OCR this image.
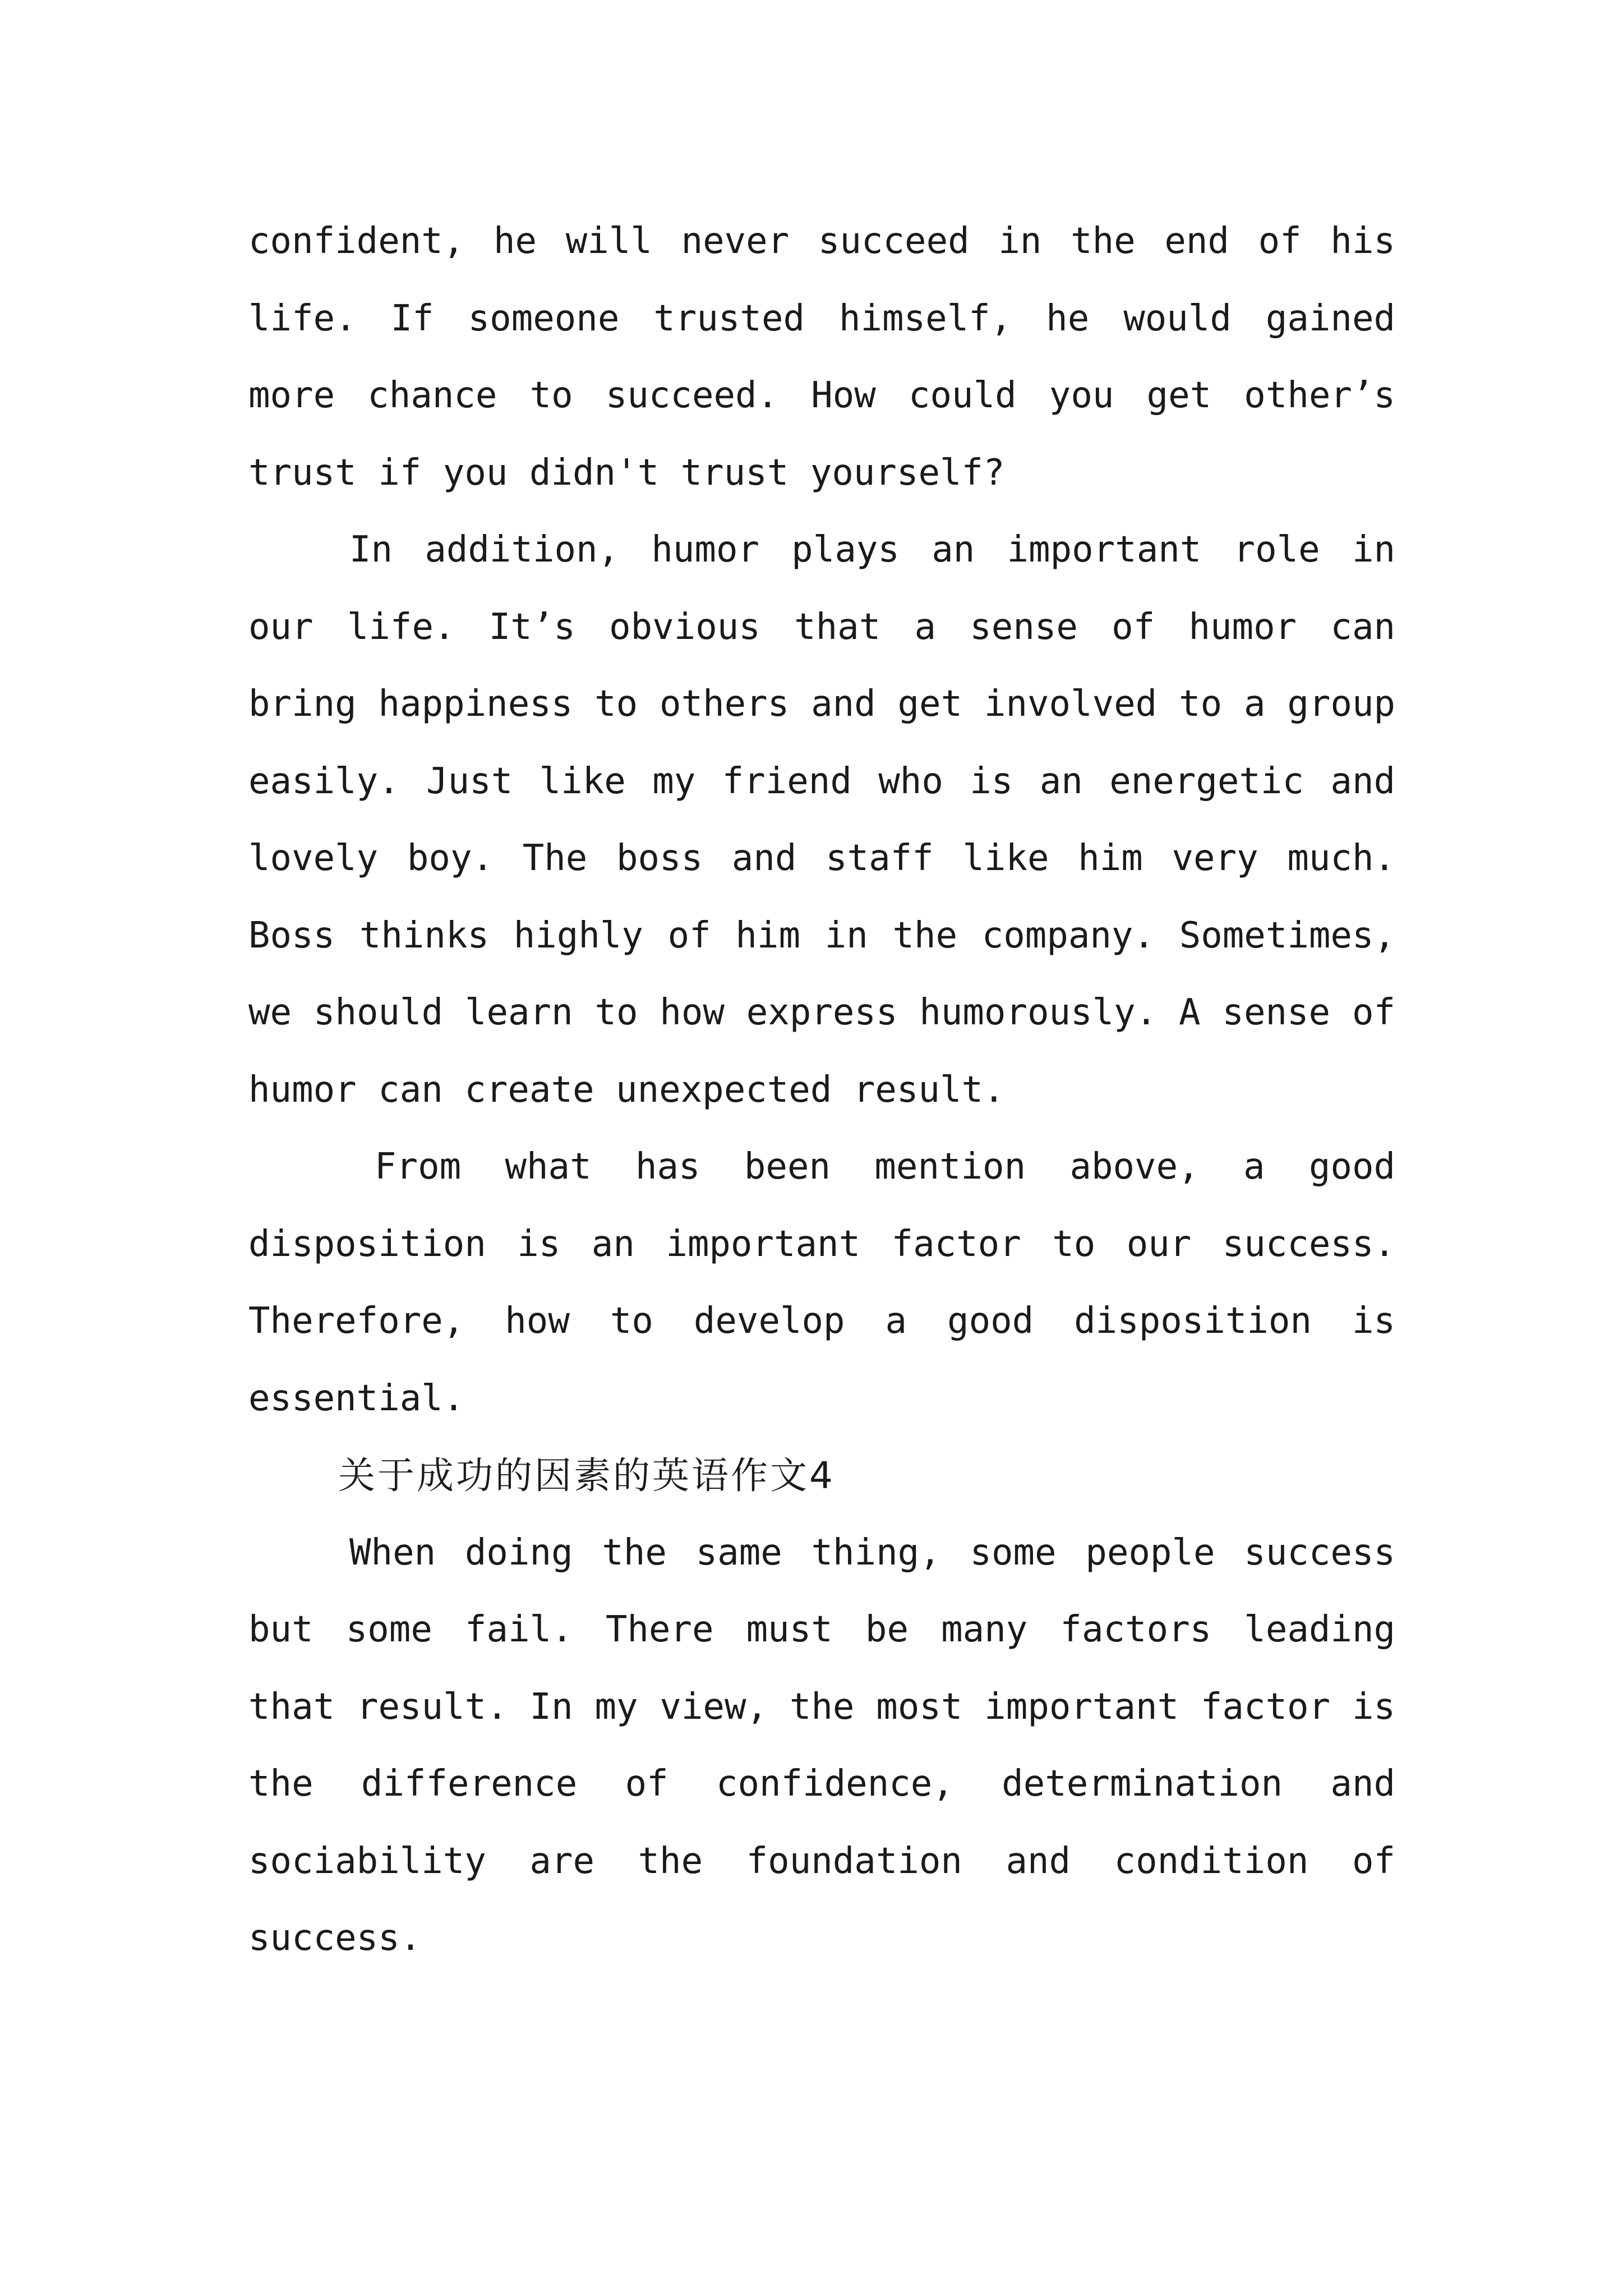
confident, he will never succeed in the end of his life. If someone trusted himself, he would gained more chance to succeed. How could you get other’s trust if you didn't trust yourself?

In addition, humor plays an important role in our life. It’s obvious that a sense of humor can bring happiness to others and get involved to a group easily. Just like my friend who is an energetic and lovely boy. The boss and staff like him very much. Boss thinks highly of him in the company. Sometimes, we should learn to how express humorously. A sense of humor can create unexpected result.

From what has been mention above, a good disposition is an important factor to our success. Therefore, how to develop a good disposition is essential.

关于成功的因素的英语作文4

When doing the same thing, some people success but some fail. There must be many factors leading that result. In my view, the most important factor is the difference of confidence, determination and sociability are the foundation and condition of success.
